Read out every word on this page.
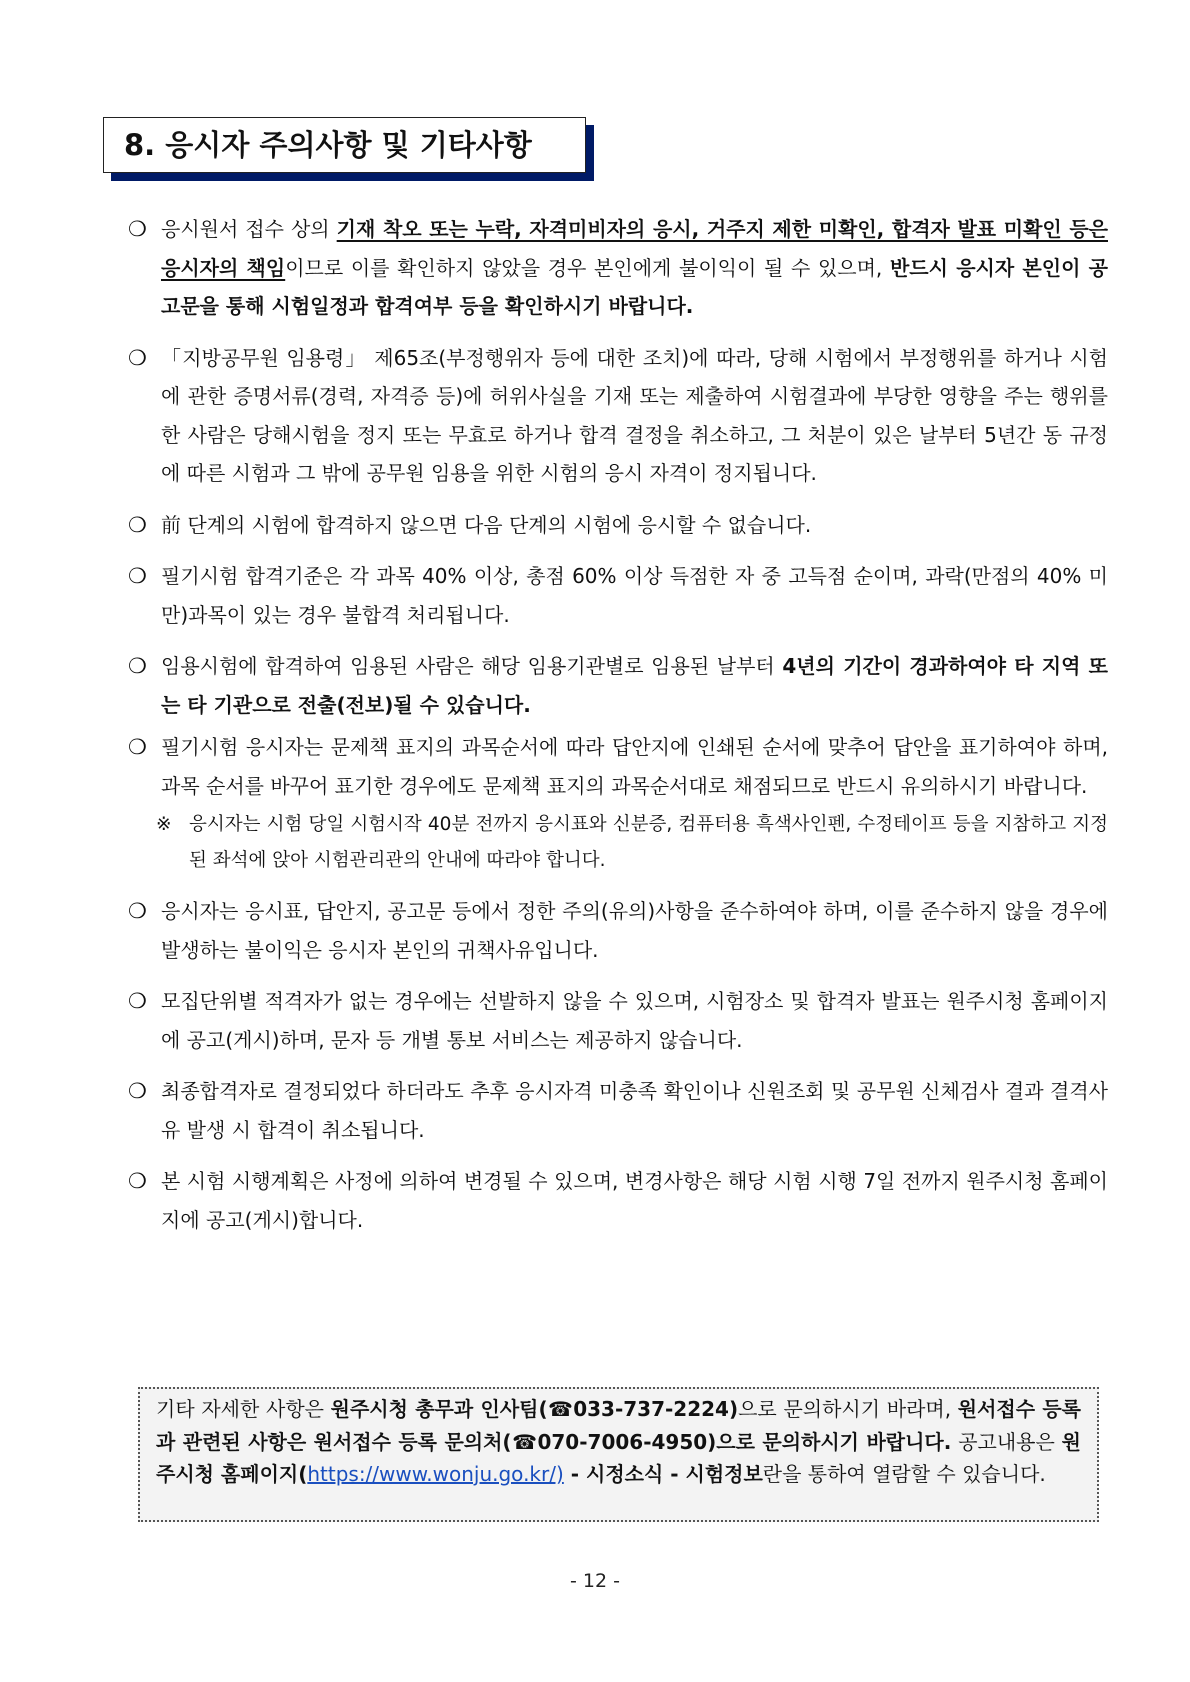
8. 응시자 주의사항 및 기타사항
❍ 응시원서 접수 상의 기재 착오 또는 누락, 자격미비자의 응시, 거주지 제한 미확인, 합격자 발표 미확인 등은 응시자의 책임이므로 이를 확인하지 않았을 경우 본인에게 불이익이 될 수 있으며, 반드시 응시자 본인이 공고문을 통해 시험일정과 합격여부 등을 확인하시기 바랍니다.
❍ 「지방공무원 임용령」 제65조(부정행위자 등에 대한 조치)에 따라, 당해 시험에서 부정행위를 하거나 시험에 관한 증명서류(경력, 자격증 등)에 허위사실을 기재 또는 제출하여 시험결과에 부당한 영향을 주는 행위를 한 사람은 당해시험을 정지 또는 무효로 하거나 합격 결정을 취소하고, 그 처분이 있은 날부터 5년간 동 규정에 따른 시험과 그 밖에 공무원 임용을 위한 시험의 응시 자격이 정지됩니다.
❍ 前 단계의 시험에 합격하지 않으면 다음 단계의 시험에 응시할 수 없습니다.
❍ 필기시험 합격기준은 각 과목 40% 이상, 총점 60% 이상 득점한 자 중 고득점 순이며, 과락(만점의 40% 미만)과목이 있는 경우 불합격 처리됩니다.
❍ 임용시험에 합격하여 임용된 사람은 해당 임용기관별로 임용된 날부터 4년의 기간이 경과하여야 타 지역 또는 타 기관으로 전출(전보)될 수 있습니다.
❍ 필기시험 응시자는 문제책 표지의 과목순서에 따라 답안지에 인쇄된 순서에 맞추어 답안을 표기하여야 하며, 과목 순서를 바꾸어 표기한 경우에도 문제책 표지의 과목순서대로 채점되므로 반드시 유의하시기 바랍니다.
※ 응시자는 시험 당일 시험시작 40분 전까지 응시표와 신분증, 컴퓨터용 흑색사인펜, 수정테이프 등을 지참하고 지정된 좌석에 앉아 시험관리관의 안내에 따라야 합니다.
❍ 응시자는 응시표, 답안지, 공고문 등에서 정한 주의(유의)사항을 준수하여야 하며, 이를 준수하지 않을 경우에 발생하는 불이익은 응시자 본인의 귀책사유입니다.
❍ 모집단위별 적격자가 없는 경우에는 선발하지 않을 수 있으며, 시험장소 및 합격자 발표는 원주시청 홈페이지에 공고(게시)하며, 문자 등 개별 통보 서비스는 제공하지 않습니다.
❍ 최종합격자로 결정되었다 하더라도 추후 응시자격 미충족 확인이나 신원조회 및 공무원 신체검사 결과 결격사유 발생 시 합격이 취소됩니다.
❍ 본 시험 시행계획은 사정에 의하여 변경될 수 있으며, 변경사항은 해당 시험 시행 7일 전까지 원주시청 홈페이지에 공고(게시)합니다.
기타 자세한 사항은 원주시청 총무과 인사팀(☎033-737-2224)으로 문의하시기 바라며, 원서접수 등록과 관련된 사항은 원서접수 등록 문의처(☎070-7006-4950)으로 문의하시기 바랍니다. 공고내용은 원주시청 홈페이지(https://www.wonju.go.kr/) - 시정소식 - 시험정보란을 통하여 열람할 수 있습니다.
- 12 -
